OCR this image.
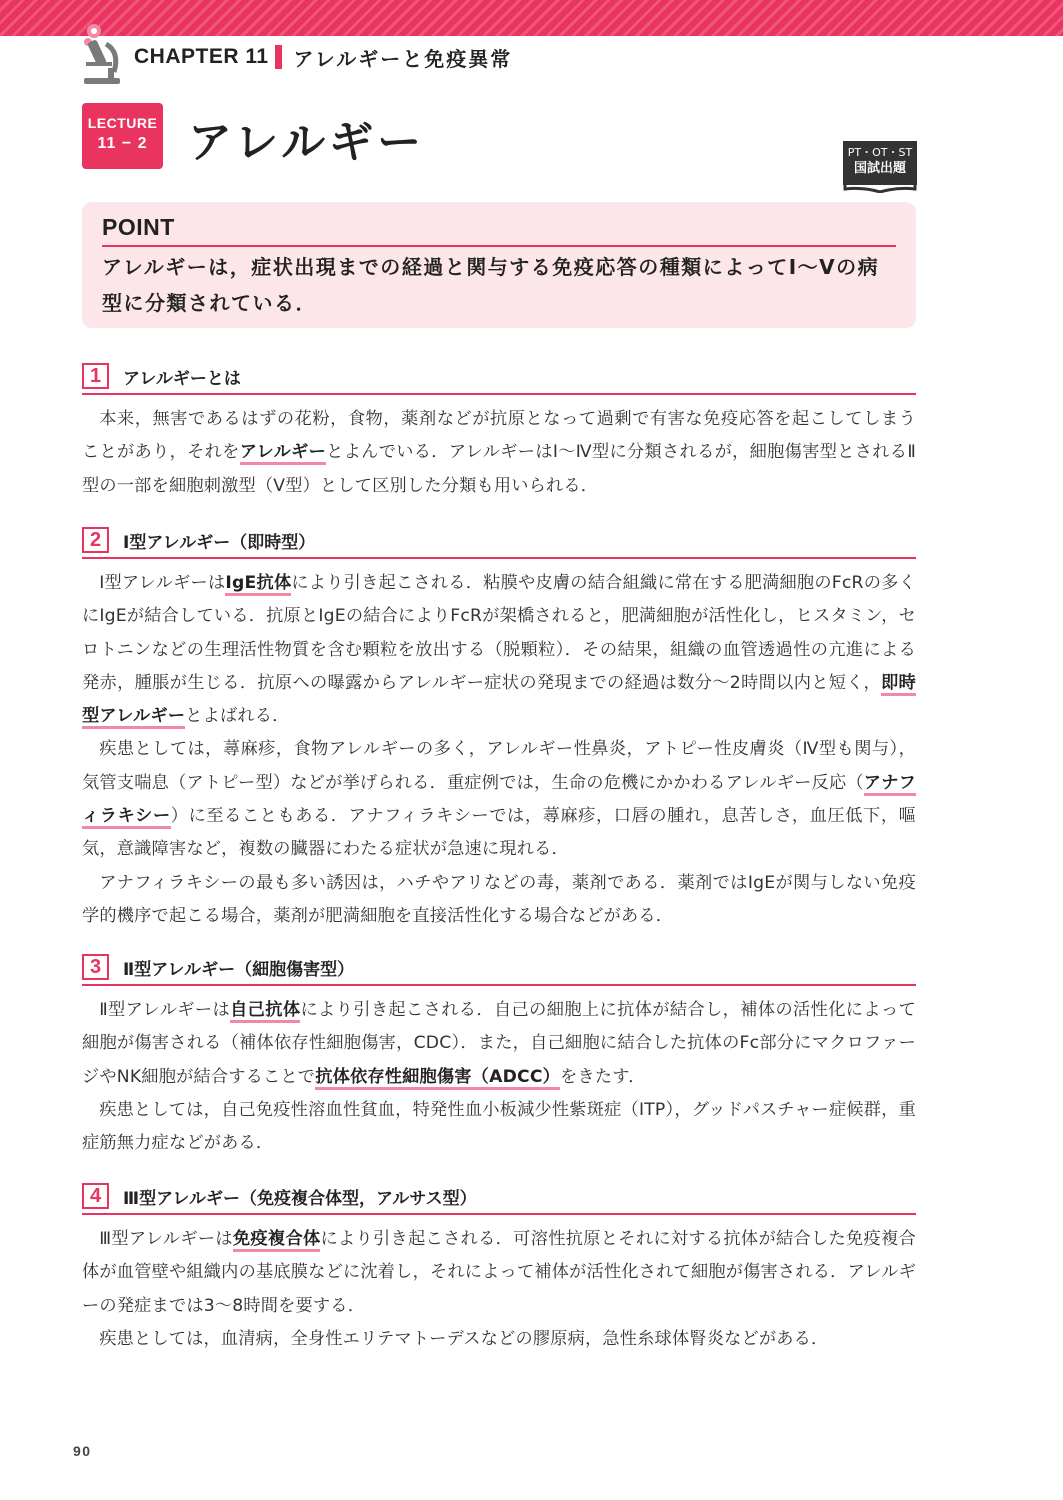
CHAPTER 11 アレルギーと免疫異常
LECTURE
11 − 2 アレルギー	PT・OT・ST
国試出題
POINT
アレルギーは，症状出現までの経過と関与する免疫応答の種類によってⅠ〜Ⅴの病型に分類されている．
1	アレルギーとは

本来，無害であるはずの花粉，食物，薬剤などが抗原となって過剰で有害な免疫応答を起こしてしまうことがあり，それをアレルギーとよんでいる．アレルギーはⅠ〜Ⅳ型に分類されるが，細胞傷害型とされるⅡ型の一部を細胞刺激型（Ⅴ型）として区別した分類も用いられる．

2	Ⅰ型アレルギー（即時型）

Ⅰ型アレルギーはIgE抗体により引き起こされる．粘膜や皮膚の結合組織に常在する肥満細胞のFcRの多くにIgEが結合している．抗原とIgEの結合によりFcRが架橋されると，肥満細胞が活性化し，ヒスタミン，セロトニンなどの生理活性物質を含む顆粒を放出する（脱顆粒）．その結果，組織の血管透過性の亢進による発赤，腫脹が生じる．抗原への曝露からアレルギー症状の発現までの経過は数分〜2時間以内と短く，即時型アレルギーとよばれる．

疾患としては，蕁麻疹，食物アレルギーの多く，アレルギー性鼻炎，アトピー性皮膚炎（Ⅳ型も関与），気管支喘息（アトピー型）などが挙げられる．重症例では，生命の危機にかかわるアレルギー反応（アナフィラキシー）に至ることもある．アナフィラキシーでは，蕁麻疹，口唇の腫れ，息苦しさ，血圧低下，嘔気，意識障害など，複数の臓器にわたる症状が急速に現れる．

アナフィラキシーの最も多い誘因は，ハチやアリなどの毒，薬剤である．薬剤ではIgEが関与しない免疫学的機序で起こる場合，薬剤が肥満細胞を直接活性化する場合などがある．

3	Ⅱ型アレルギー（細胞傷害型）

Ⅱ型アレルギーは自己抗体により引き起こされる．自己の細胞上に抗体が結合し，補体の活性化によって細胞が傷害される（補体依存性細胞傷害，CDC）．また，自己細胞に結合した抗体のFc部分にマクロファージやNK細胞が結合することで抗体依存性細胞傷害（ADCC）をきたす．

疾患としては，自己免疫性溶血性貧血，特発性血小板減少性紫斑症（ITP），グッドパスチャー症候群，重症筋無力症などがある．

4	Ⅲ型アレルギー（免疫複合体型，アルサス型）

Ⅲ型アレルギーは免疫複合体により引き起こされる．可溶性抗原とそれに対する抗体が結合した免疫複合体が血管壁や組織内の基底膜などに沈着し，それによって補体が活性化されて細胞が傷害される．アレルギーの発症までは3〜8時間を要する．

疾患としては，血清病，全身性エリテマトーデスなどの膠原病，急性糸球体腎炎などがある．

90
